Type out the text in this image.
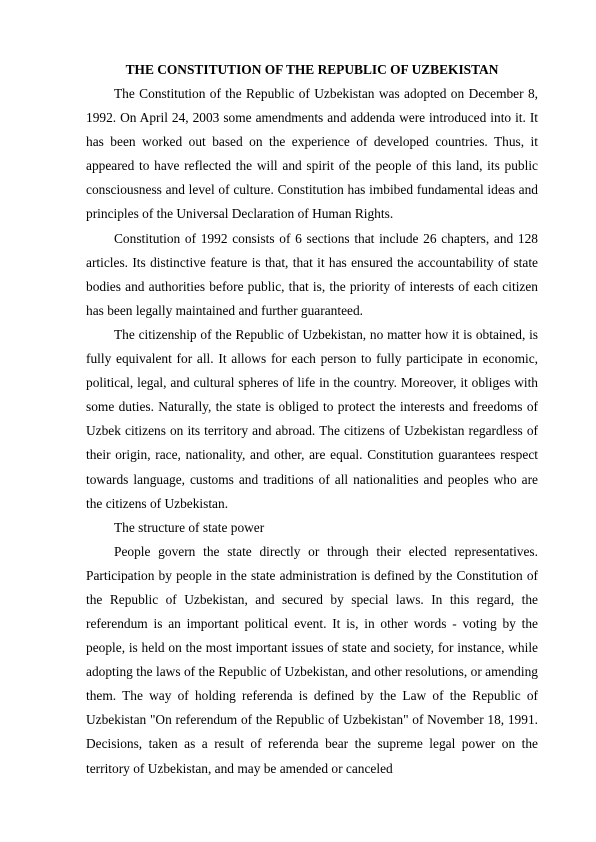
THE CONSTITUTION OF THE REPUBLIC OF UZBEKISTAN

The Constitution of the Republic of Uzbekistan was adopted on December 8, 1992. On April 24, 2003 some amendments and addenda were introduced into it. It has been worked out based on the experience of developed countries. Thus, it appeared to have reflected the will and spirit of the people of this land, its public consciousness and level of culture. Constitution has imbibed fundamental ideas and principles of the Universal Declaration of Human Rights.

Constitution of 1992 consists of 6 sections that include 26 chapters, and 128 articles. Its distinctive feature is that, that it has ensured the accountability of state bodies and authorities before public, that is, the priority of interests of each citizen has been legally maintained and further guaranteed.

The citizenship of the Republic of Uzbekistan, no matter how it is obtained, is fully equivalent for all. It allows for each person to fully participate in economic, political, legal, and cultural spheres of life in the country. Moreover, it obliges with some duties. Naturally, the state is obliged to protect the interests and freedoms of Uzbek citizens on its territory and abroad. The citizens of Uzbekistan regardless of their origin, race, nationality, and other, are equal. Constitution guarantees respect towards language, customs and traditions of all nationalities and peoples who are the citizens of Uzbekistan.

The structure of state power

People govern the state directly or through their elected representatives. Participation by people in the state administration is defined by the Constitution of the Republic of Uzbekistan, and secured by special laws. In this regard, the referendum is an important political event. It is, in other words - voting by the people, is held on the most important issues of state and society, for instance, while adopting the laws of the Republic of Uzbekistan, and other resolutions, or amending them. The way of holding referenda is defined by the Law of the Republic of Uzbekistan "On referendum of the Republic of Uzbekistan" of November 18, 1991. Decisions, taken as a result of referenda bear the supreme legal power on the territory of Uzbekistan, and may be amended or canceled
